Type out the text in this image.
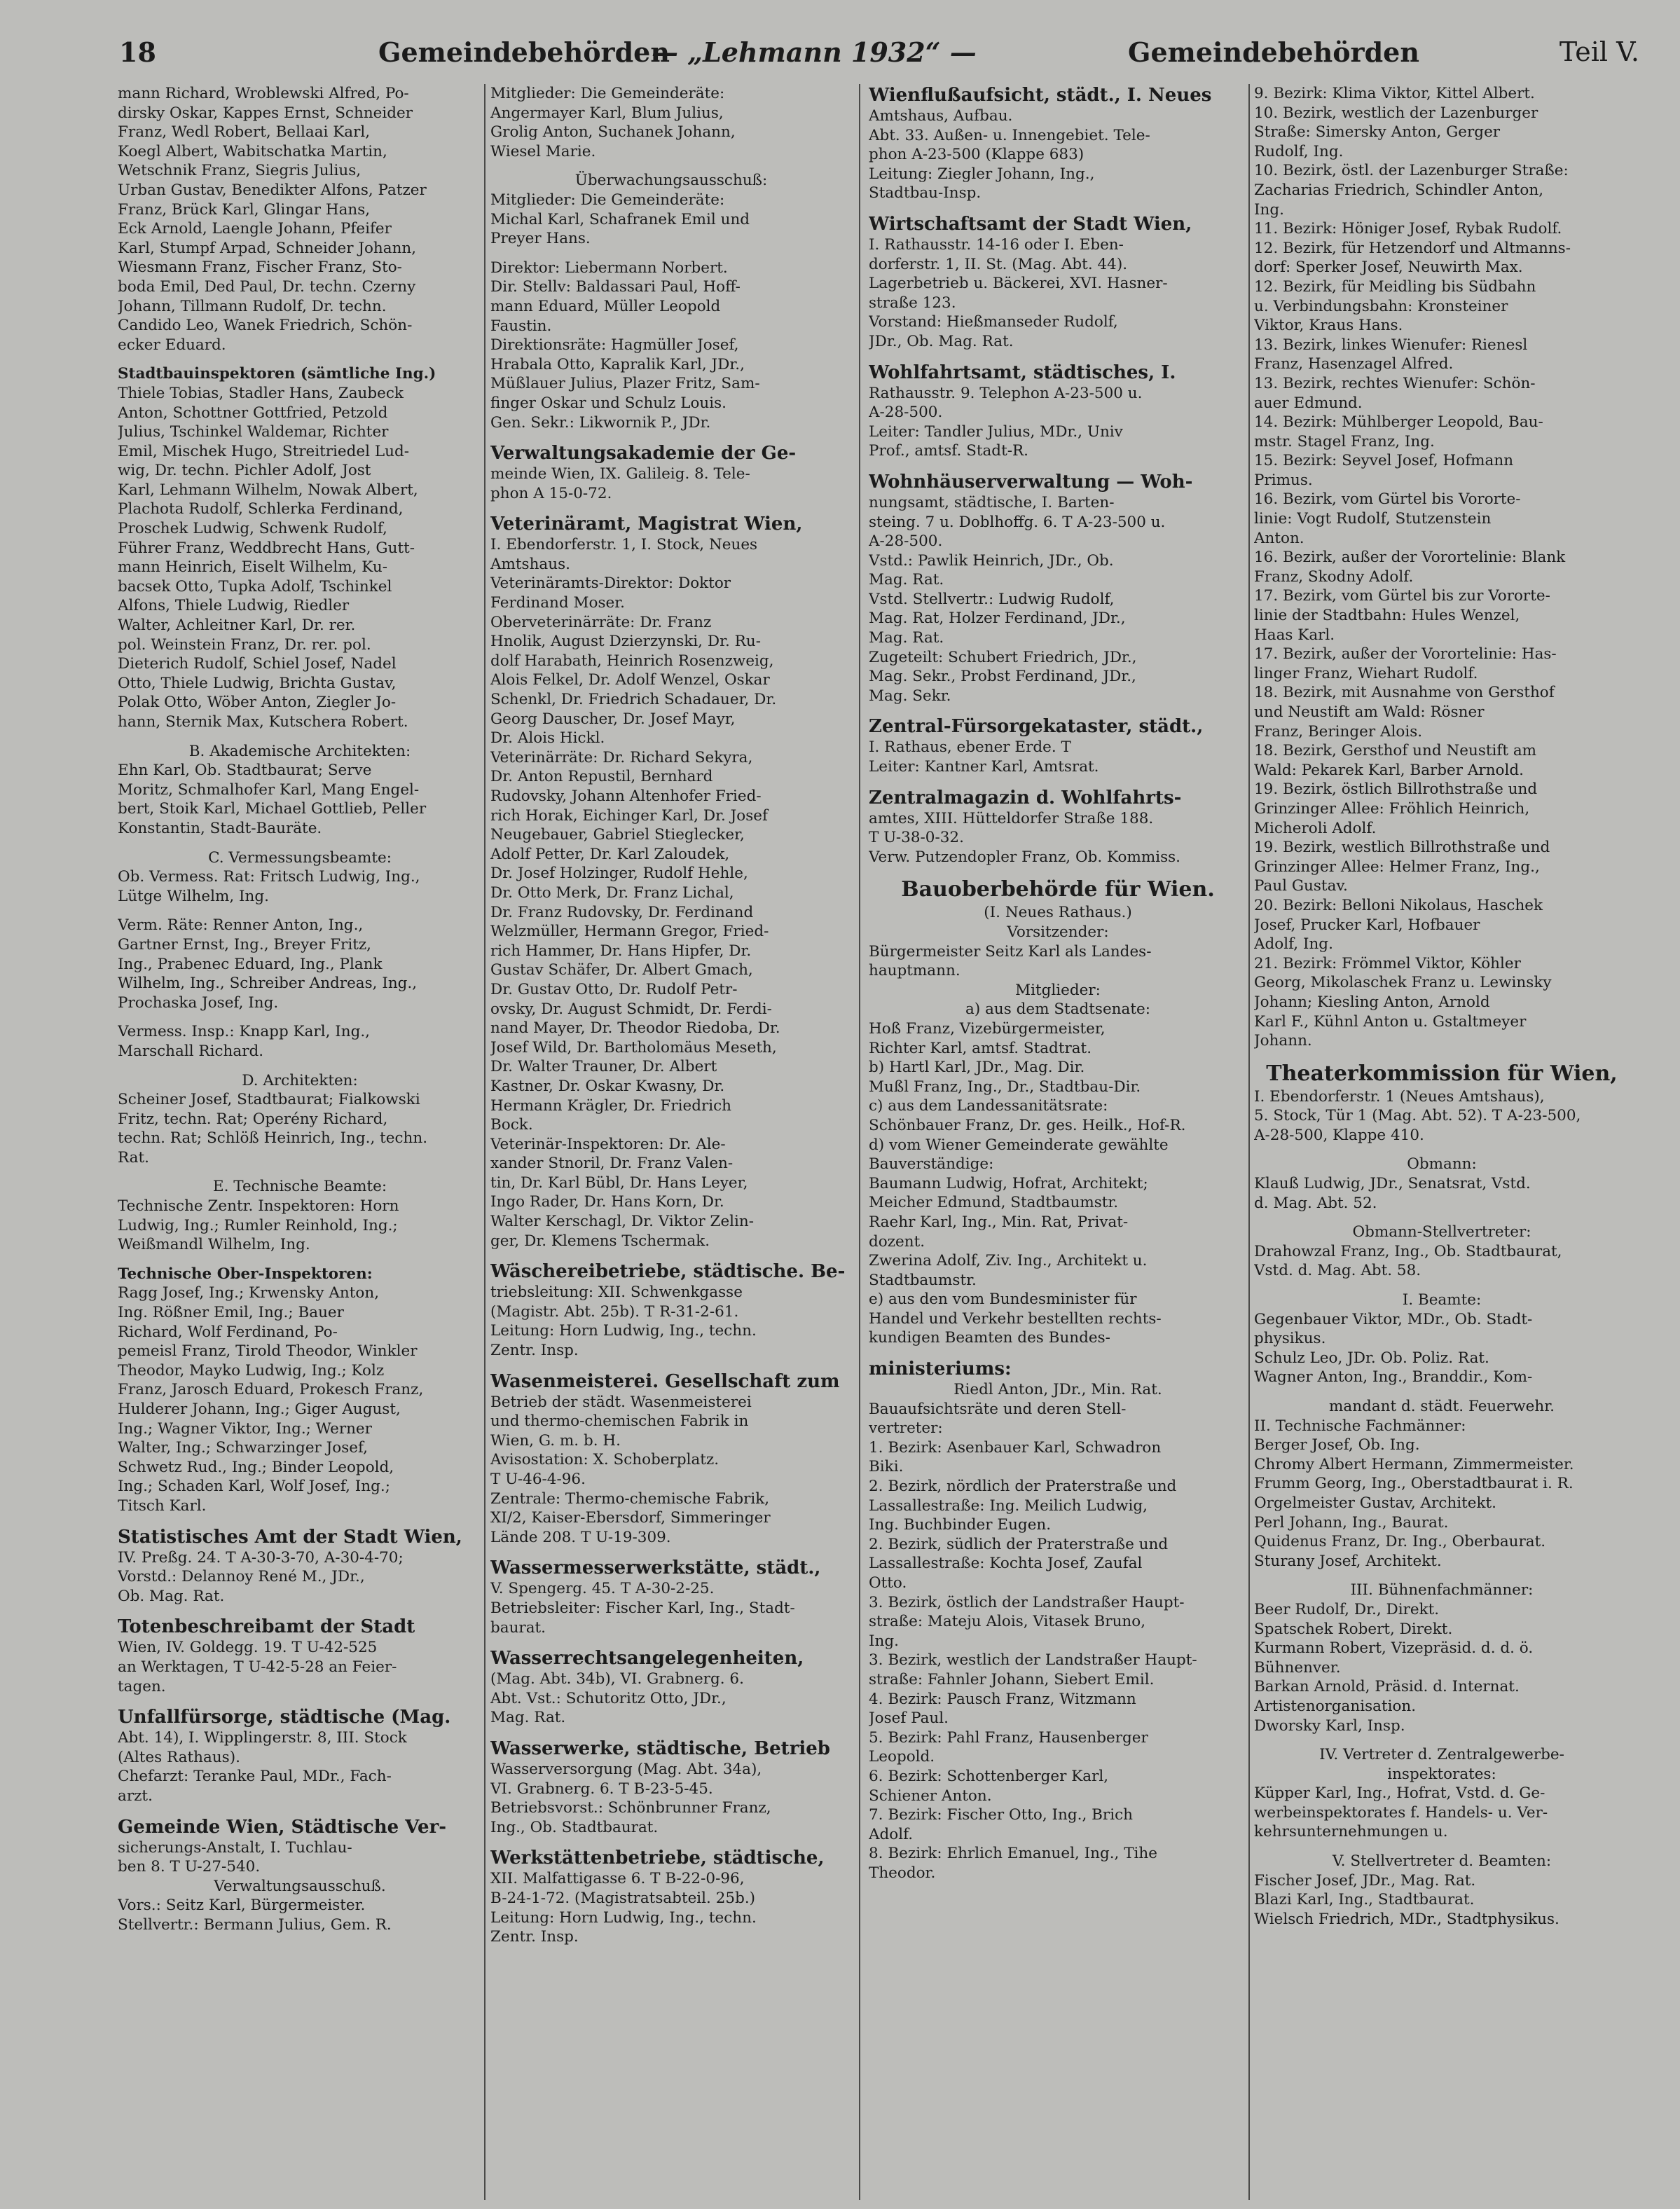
18	Gemeindebehörden
— „Lehmann 1932“ —	Gemeindebehörden	Teil V.
mann Richard, Wroblewski Alfred, Po-
dirsky Oskar, Kappes Ernst, Schneider
Franz, Wedl Robert, Bellaai Karl,
Koegl Albert, Wabitschatka Martin,
Wetschnik Franz, Siegris Julius,
Urban Gustav, Benedikter Alfons, Patzer
Franz, Brück Karl, Glingar Hans,
Eck Arnold, Laengle Johann, Pfeifer
Karl, Stumpf Arpad, Schneider Johann,
Wiesmann Franz, Fischer Franz, Sto-
boda Emil, Ded Paul, Dr. techn. Czerny
Johann, Tillmann Rudolf, Dr. techn.
Candido Leo, Wanek Friedrich, Schön-
ecker Eduard.
Stadtbauinspektoren (sämtliche Ing.)
Thiele Tobias, Stadler Hans, Zaubeck
Anton, Schottner Gottfried, Petzold
Julius, Tschinkel Waldemar, Richter
Emil, Mischek Hugo, Streitriedel Lud-
wig, Dr. techn. Pichler Adolf, Jost
Karl, Lehmann Wilhelm, Nowak Albert,
Plachota Rudolf, Schlerka Ferdinand,
Proschek Ludwig, Schwenk Rudolf,
Führer Franz, Weddbrecht Hans, Gutt-
mann Heinrich, Eiselt Wilhelm, Ku-
bacsek Otto, Tupka Adolf, Tschinkel
Alfons, Thiele Ludwig, Riedler
Walter, Achleitner Karl, Dr. rer.
pol. Weinstein Franz, Dr. rer. pol.
Dieterich Rudolf, Schiel Josef, Nadel
Otto, Thiele Ludwig, Brichta Gustav,
Polak Otto, Wöber Anton, Ziegler Jo-
hann, Sternik Max, Kutschera Robert.
B. Akademische Architekten:
Ehn Karl, Ob. Stadtbaurat; Serve
Moritz, Schmalhofer Karl, Mang Engel-
bert, Stoik Karl, Michael Gottlieb, Peller
Konstantin, Stadt-Bauräte.
C. Vermessungsbeamte:
Ob. Vermess. Rat: Fritsch Ludwig, Ing.,
Lütge Wilhelm, Ing.
Verm. Räte: Renner Anton, Ing.,
Gartner Ernst, Ing., Breyer Fritz,
Ing., Prabenec Eduard, Ing., Plank
Wilhelm, Ing., Schreiber Andreas, Ing.,
Prochaska Josef, Ing.
Vermess. Insp.: Knapp Karl, Ing.,
Marschall Richard.
D. Architekten:
Scheiner Josef, Stadtbaurat; Fialkowski
Fritz, techn. Rat; Operény Richard,
techn. Rat; Schlöß Heinrich, Ing., techn.
Rat.
E. Technische Beamte:
Technische Zentr. Inspektoren: Horn
Ludwig, Ing.; Rumler Reinhold, Ing.;
Weißmandl Wilhelm, Ing.
Technische Ober-Inspektoren:
Ragg Josef, Ing.; Krwensky Anton,
Ing. Rößner Emil, Ing.; Bauer
Richard, Wolf Ferdinand, Po-
pemeisl Franz, Tirold Theodor, Winkler
Theodor, Mayko Ludwig, Ing.; Kolz
Franz, Jarosch Eduard, Prokesch Franz,
Hulderer Johann, Ing.; Giger August,
Ing.; Wagner Viktor, Ing.; Werner
Walter, Ing.; Schwarzinger Josef,
Schwetz Rud., Ing.; Binder Leopold,
Ing.; Schaden Karl, Wolf Josef, Ing.;
Titsch Karl.
Statistisches Amt der Stadt Wien,
IV. Preßg. 24. T A-30-3-70, A-30-4-70;
Vorstd.: Delannoy René M., JDr.,
Ob. Mag. Rat.
Totenbeschreibamt der Stadt
Wien, IV. Goldegg. 19. T U-42-525
an Werktagen, T U-42-5-28 an Feier-
tagen.
Unfallfürsorge, städtische (Mag.
Abt. 14), I. Wipplingerstr. 8, III. Stock
(Altes Rathaus).
Chefarzt: Teranke Paul, MDr., Fach-
arzt.
Gemeinde Wien, Städtische Ver-
sicherungs-Anstalt, I. Tuchlau-
ben 8. T U-27-540.
Verwaltungsausschuß.
Vors.: Seitz Karl, Bürgermeister.
Stellvertr.: Bermann Julius, Gem. R.
Mitglieder: Die Gemeinderäte:
Angermayer Karl, Blum Julius,
Grolig Anton, Suchanek Johann,
Wiesel Marie.
Überwachungsausschuß:
Mitglieder: Die Gemeinderäte:
Michal Karl, Schafranek Emil und
Preyer Hans.
Direktor: Liebermann Norbert.
Dir. Stellv: Baldassari Paul, Hoff-
mann Eduard, Müller Leopold
Faustin.
Direktionsräte: Hagmüller Josef,
Hrabala Otto, Kapralik Karl, JDr.,
Müßlauer Julius, Plazer Fritz, Sam-
finger Oskar und Schulz Louis.
Gen. Sekr.: Likwornik P., JDr.
Verwaltungsakademie der Ge-
meinde Wien, IX. Galileig. 8. Tele-
phon A 15-0-72.
Veterinäramt, Magistrat Wien,
I. Ebendorferstr. 1, I. Stock, Neues
Amtshaus.
Veterinäramts-Direktor: Doktor
Ferdinand Moser.
Oberveterinärräte: Dr. Franz
Hnolik, August Dzierzynski, Dr. Ru-
dolf Harabath, Heinrich Rosenzweig,
Alois Felkel, Dr. Adolf Wenzel, Oskar
Schenkl, Dr. Friedrich Schadauer, Dr.
Georg Dauscher, Dr. Josef Mayr,
Dr. Alois Hickl.
Veterinärräte: Dr. Richard Sekyra,
Dr. Anton Repustil, Bernhard
Rudovsky, Johann Altenhofer Fried-
rich Horak, Eichinger Karl, Dr. Josef
Neugebauer, Gabriel Stieglecker,
Adolf Petter, Dr. Karl Zaloudek,
Dr. Josef Holzinger, Rudolf Hehle,
Dr. Otto Merk, Dr. Franz Lichal,
Dr. Franz Rudovsky, Dr. Ferdinand
Welzmüller, Hermann Gregor, Fried-
rich Hammer, Dr. Hans Hipfer, Dr.
Gustav Schäfer, Dr. Albert Gmach,
Dr. Gustav Otto, Dr. Rudolf Petr-
ovsky, Dr. August Schmidt, Dr. Ferdi-
nand Mayer, Dr. Theodor Riedoba, Dr.
Josef Wild, Dr. Bartholomäus Meseth,
Dr. Walter Trauner, Dr. Albert
Kastner, Dr. Oskar Kwasny, Dr.
Hermann Krägler, Dr. Friedrich
Bock.
Veterinär-Inspektoren: Dr. Ale-
xander Stnoril, Dr. Franz Valen-
tin, Dr. Karl Bübl, Dr. Hans Leyer,
Ingo Rader, Dr. Hans Korn, Dr.
Walter Kerschagl, Dr. Viktor Zelin-
ger, Dr. Klemens Tschermak.
Wäschereibetriebe, städtische. Be-
triebsleitung: XII. Schwenkgasse
(Magistr. Abt. 25b). T R-31-2-61.
Leitung: Horn Ludwig, Ing., techn.
Zentr. Insp.
Wasenmeisterei. Gesellschaft zum
Betrieb der städt. Wasenmeisterei
und thermo-chemischen Fabrik in
Wien, G. m. b. H.
Avisostation: X. Schoberplatz.
T U-46-4-96.
Zentrale: Thermo-chemische Fabrik,
XI/2, Kaiser-Ebersdorf, Simmeringer
Lände 208. T U-19-309.
Wassermesserwerkstätte, städt.,
V. Spengerg. 45. T A-30-2-25.
Betriebsleiter: Fischer Karl, Ing., Stadt-
baurat.
Wasserrechtsangelegenheiten,
(Mag. Abt. 34b), VI. Grabnerg. 6.
Abt. Vst.: Schutoritz Otto, JDr.,
Mag. Rat.
Wasserwerke, städtische, Betrieb
Wasserversorgung (Mag. Abt. 34a),
VI. Grabnerg. 6. T B-23-5-45.
Betriebsvorst.: Schönbrunner Franz,
Ing., Ob. Stadtbaurat.
Werkstättenbetriebe, städtische,
XII. Malfattigasse 6. T B-22-0-96,
B-24-1-72. (Magistratsabteil. 25b.)
Leitung: Horn Ludwig, Ing., techn.
Zentr. Insp.
Wienflußaufsicht, städt., I. Neues
Amtshaus, Aufbau.
Abt. 33. Außen- u. Innengebiet. Tele-
phon A-23-500 (Klappe 683)
Leitung: Ziegler Johann, Ing.,
Stadtbau-Insp.
Wirtschaftsamt der Stadt Wien,
I. Rathausstr. 14-16 oder I. Eben-
dorferstr. 1, II. St. (Mag. Abt. 44).
Lagerbetrieb u. Bäckerei, XVI. Hasner-
straße 123.
Vorstand: Hießmanseder Rudolf,
JDr., Ob. Mag. Rat.
Wohlfahrtsamt, städtisches, I.
Rathausstr. 9. Telephon A-23-500 u.
A-28-500.
Leiter: Tandler Julius, MDr., Univ
Prof., amtsf. Stadt-R.
Wohnhäuserverwaltung — Woh-
nungsamt, städtische, I. Barten-
steing. 7 u. Doblhoffg. 6. T A-23-500 u.
A-28-500.
Vstd.: Pawlik Heinrich, JDr., Ob.
Mag. Rat.
Vstd. Stellvertr.: Ludwig Rudolf,
Mag. Rat, Holzer Ferdinand, JDr.,
Mag. Rat.
Zugeteilt: Schubert Friedrich, JDr.,
Mag. Sekr., Probst Ferdinand, JDr.,
Mag. Sekr.
Zentral-Fürsorgekataster, städt.,
I. Rathaus, ebener Erde. T
Leiter: Kantner Karl, Amtsrat.
Zentralmagazin d. Wohlfahrts-
amtes, XIII. Hütteldorfer Straße 188.
T U-38-0-32.
Verw. Putzendopler Franz, Ob. Kommiss.
Bauoberbehörde für Wien.
(I. Neues Rathaus.)
Vorsitzender:
Bürgermeister Seitz Karl als Landes-
hauptmann.
Mitglieder:
a) aus dem Stadtsenate:
Hoß Franz, Vizebürgermeister,
Richter Karl, amtsf. Stadtrat.
b) Hartl Karl, JDr., Mag. Dir.
Mußl Franz, Ing., Dr., Stadtbau-Dir.
c) aus dem Landessanitätsrate:
Schönbauer Franz, Dr. ges. Heilk., Hof-R.
d) vom Wiener Gemeinderate gewählte
Bauverständige:
Baumann Ludwig, Hofrat, Architekt;
Meicher Edmund, Stadtbaumstr.
Raehr Karl, Ing., Min. Rat, Privat-
dozent.
Zwerina Adolf, Ziv. Ing., Architekt u.
Stadtbaumstr.
e) aus den vom Bundesminister für
Handel und Verkehr bestellten rechts-
kundigen Beamten des Bundes-
ministeriums:
Riedl Anton, JDr., Min. Rat.
Bauaufsichtsräte und deren Stell-
vertreter:
1. Bezirk: Asenbauer Karl, Schwadron
Biki.
2. Bezirk, nördlich der Praterstraße und
Lassallestraße: Ing. Meilich Ludwig,
Ing. Buchbinder Eugen.
2. Bezirk, südlich der Praterstraße und
Lassallestraße: Kochta Josef, Zaufal
Otto.
3. Bezirk, östlich der Landstraßer Haupt-
straße: Mateju Alois, Vitasek Bruno,
Ing.
3. Bezirk, westlich der Landstraßer Haupt-
straße: Fahnler Johann, Siebert Emil.
4. Bezirk: Pausch Franz, Witzmann
Josef Paul.
5. Bezirk: Pahl Franz, Hausenberger
Leopold.
6. Bezirk: Schottenberger Karl,
Schiener Anton.
7. Bezirk: Fischer Otto, Ing., Brich
Adolf.
8. Bezirk: Ehrlich Emanuel, Ing., Tihe
Theodor.
9. Bezirk: Klima Viktor, Kittel Albert.
10. Bezirk, westlich der Lazenburger
Straße: Simersky Anton, Gerger
Rudolf, Ing.
10. Bezirk, östl. der Lazenburger Straße:
Zacharias Friedrich, Schindler Anton,
Ing.
11. Bezirk: Höniger Josef, Rybak Rudolf.
12. Bezirk, für Hetzendorf und Altmanns-
dorf: Sperker Josef, Neuwirth Max.
12. Bezirk, für Meidling bis Südbahn
u. Verbindungsbahn: Kronsteiner
Viktor, Kraus Hans.
13. Bezirk, linkes Wienufer: Rienesl
Franz, Hasenzagel Alfred.
13. Bezirk, rechtes Wienufer: Schön-
auer Edmund.
14. Bezirk: Mühlberger Leopold, Bau-
mstr. Stagel Franz, Ing.
15. Bezirk: Seyvel Josef, Hofmann
Primus.
16. Bezirk, vom Gürtel bis Vororte-
linie: Vogt Rudolf, Stutzenstein
Anton.
16. Bezirk, außer der Vorortelinie: Blank
Franz, Skodny Adolf.
17. Bezirk, vom Gürtel bis zur Vororte-
linie der Stadtbahn: Hules Wenzel,
Haas Karl.
17. Bezirk, außer der Vorortelinie: Has-
linger Franz, Wiehart Rudolf.
18. Bezirk, mit Ausnahme von Gersthof
und Neustift am Wald: Rösner
Franz, Beringer Alois.
18. Bezirk, Gersthof und Neustift am
Wald: Pekarek Karl, Barber Arnold.
19. Bezirk, östlich Billrothstraße und
Grinzinger Allee: Fröhlich Heinrich,
Micheroli Adolf.
19. Bezirk, westlich Billrothstraße und
Grinzinger Allee: Helmer Franz, Ing.,
Paul Gustav.
20. Bezirk: Belloni Nikolaus, Haschek
Josef, Prucker Karl, Hofbauer
Adolf, Ing.
21. Bezirk: Frömmel Viktor, Köhler
Georg, Mikolaschek Franz u. Lewinsky
Johann; Kiesling Anton, Arnold
Karl F., Kühnl Anton u. Gstaltmeyer
Johann.
Theaterkommission für Wien,
I. Ebendorferstr. 1 (Neues Amtshaus),
5. Stock, Tür 1 (Mag. Abt. 52). T A-23-500,
A-28-500, Klappe 410.
Obmann:
Klauß Ludwig, JDr., Senatsrat, Vstd.
d. Mag. Abt. 52.
Obmann-Stellvertreter:
Drahowzal Franz, Ing., Ob. Stadtbaurat,
Vstd. d. Mag. Abt. 58.
I. Beamte:
Gegenbauer Viktor, MDr., Ob. Stadt-
physikus.
Schulz Leo, JDr. Ob. Poliz. Rat.
Wagner Anton, Ing., Branddir., Kom-
mandant d. städt. Feuerwehr.
II. Technische Fachmänner:
Berger Josef, Ob. Ing.
Chromy Albert Hermann, Zimmermeister.
Frumm Georg, Ing., Oberstadtbaurat i. R.
Orgelmeister Gustav, Architekt.
Perl Johann, Ing., Baurat.
Quidenus Franz, Dr. Ing., Oberbaurat.
Sturany Josef, Architekt.
III. Bühnenfachmänner:
Beer Rudolf, Dr., Direkt.
Spatschek Robert, Direkt.
Kurmann Robert, Vizepräsid. d. d. ö.
Bühnenver.
Barkan Arnold, Präsid. d. Internat.
Artistenorganisation.
Dworsky Karl, Insp.
IV. Vertreter d. Zentralgewerbe-
inspektorates:
Küpper Karl, Ing., Hofrat, Vstd. d. Ge-
werbeinspektorates f. Handels- u. Ver-
kehrsunternehmungen u.
V. Stellvertreter d. Beamten:
Fischer Josef, JDr., Mag. Rat.
Blazi Karl, Ing., Stadtbaurat.
Wielsch Friedrich, MDr., Stadtphysikus.
